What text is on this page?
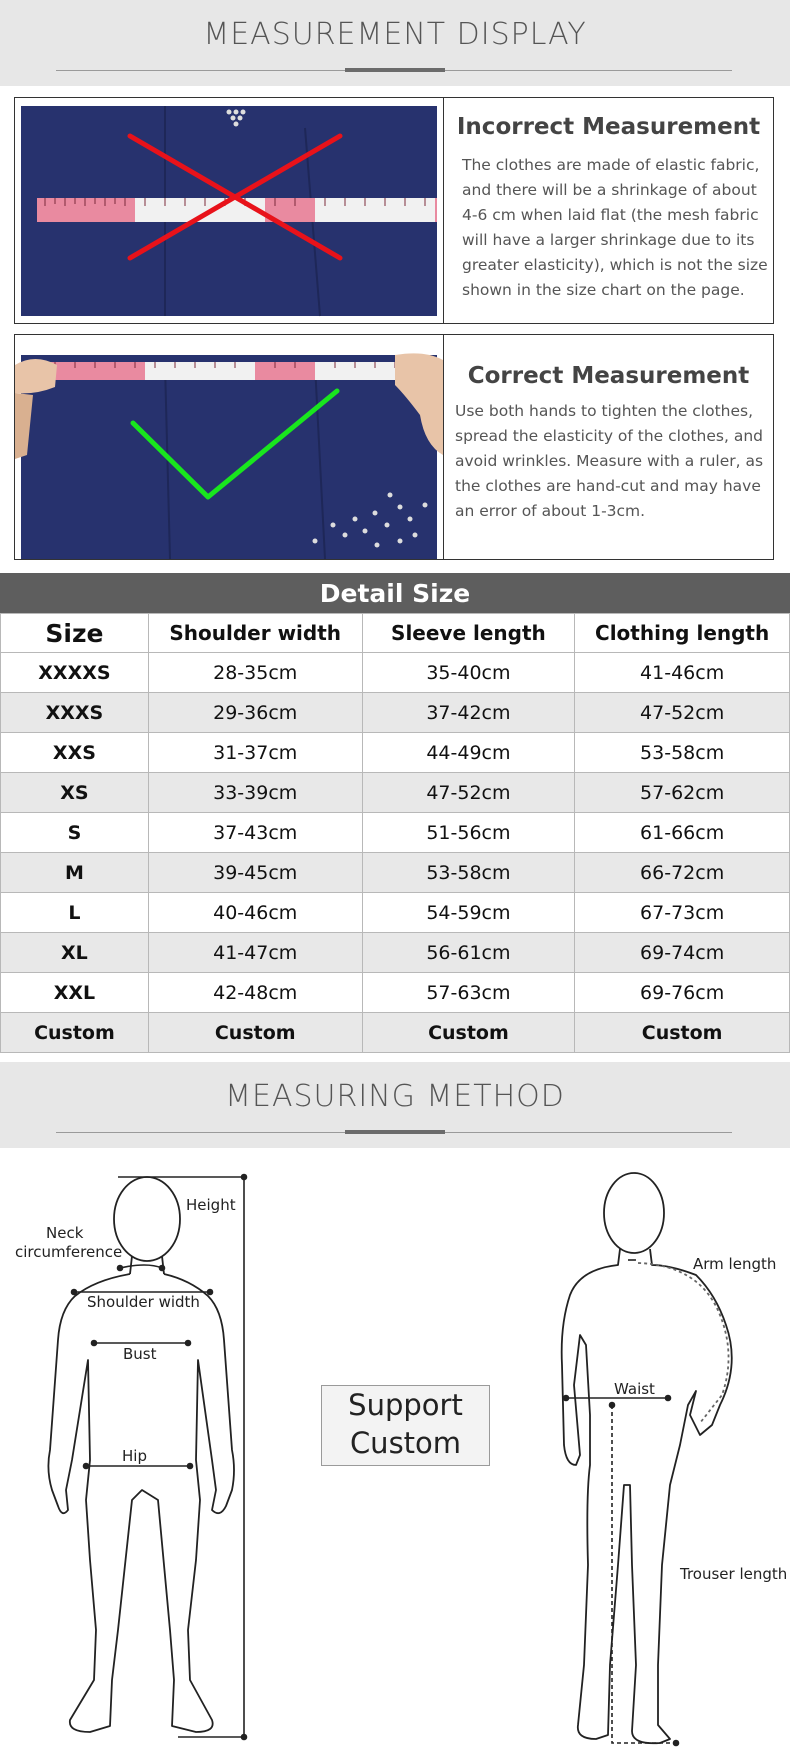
MEASUREMENT DISPLAY
Incorrect Measurement

The clothes are made of elastic fabric,
and there will be a shrinkage of about
4-6 cm when laid flat (the mesh fabric
will have a larger shrinkage due to its
greater elasticity), which is not the size
shown in the size chart on the page.

Correct Measurement

Use both hands to tighten the clothes,
spread the elasticity of the clothes, and
avoid wrinkles. Measure with a ruler, as
the clothes are hand-cut and may have
an error of about 1-3cm.

Detail Size
Size	Shoulder width	Sleeve length	Clothing length
XXXXS	28-35cm	35-40cm	41-46cm
XXXS	29-36cm	37-42cm	47-52cm
XXS	31-37cm	44-49cm	53-58cm
XS	33-39cm	47-52cm	57-62cm
S	37-43cm	51-56cm	61-66cm
M	39-45cm	53-58cm	66-72cm
L	40-46cm	54-59cm	67-73cm
XL	41-47cm	56-61cm	69-74cm
XXL	42-48cm	57-63cm	69-76cm
Custom	Custom	Custom	Custom
MEASURING METHOD
Height
Neck
circumference
Shoulder width
Bust
Hip
Support
Custom
Arm length
Waist
Trouser length
